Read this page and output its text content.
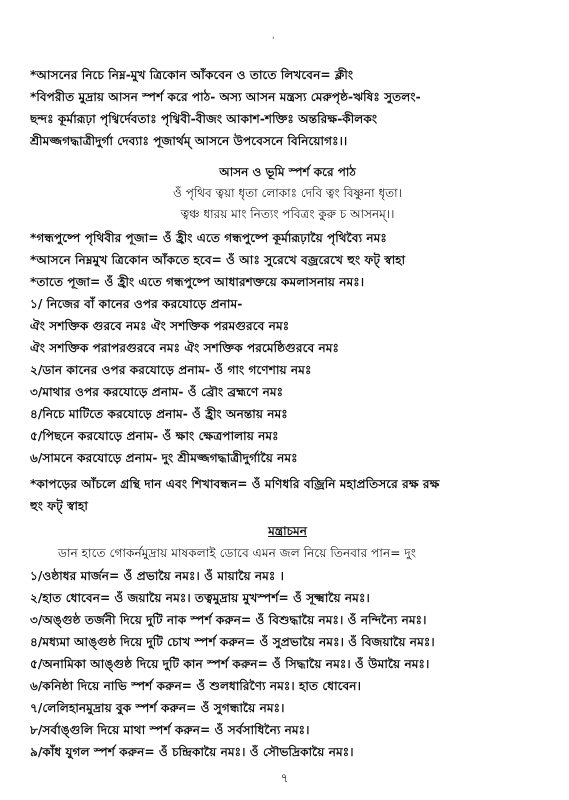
'
*আসনের নিচে নিম্ন-মুখ ত্রিকোন আঁকবেন ও তাতে লিখবেন= ক্লীং
*বিপরীত মুদ্রায় আসন স্পর্শ করে পাঠ- অস্য আসন মন্ত্রস্য মেরুপৃষ্ঠ-ঋষিঃ সুতলং-
ছন্দঃ কূর্মারূঢ়া পৃথ্বির্দেবতাঃ পৃথ্বিবী-বীজং আকাশ-শক্তিঃ অন্তরিক্ষ-কীলকং
শ্রীমজ্জগদ্ধাত্রীদুর্গা দেব্যাঃ পূজার্থম্ আসনে উপবেসনে বিনিয়োগঃ।।
আসন ও ভূমি স্পর্শ করে পাঠ
ওঁ পৃথিব ত্বয়া ধৃতা লোকাঃ দেবি ত্বং বিষ্ণুনা ধৃতা।
ত্বঞ্চ ধারয় মাং নিত্যং পবিত্রং কুরু চ আসনম্।।
*গন্ধপুষ্পে পৃথিবীর পূজা= ওঁ হ্রীং এতে গন্ধপুষ্পে কূর্মারূঢ়ায়ৈ পৃথিব্যৈ নমঃ
*আসনে নিম্নমুখ ত্রিকোন আঁকতে হবে= ওঁ আঃ সুরেখে বজ্ররেখে হুং ফট্ স্বাহা
*তাতে পূজা= ওঁ হ্রীং এতে গন্ধপুষ্পে আধারশক্তয়ে কমলাসনায় নমঃ।
১/ নিজের বাঁ কানের ওপর করযোড়ে প্রনাম-
ঐং সশক্তিক গুরবে নমঃ ঐং সশক্তিক পরমগুরবে নমঃ
ঐং সশক্তিক পরাপরগুরবে নমঃ ঐং সশক্তিক পরমেষ্ঠিগুরবে নমঃ
২/ডান কানের ওপর করযোড়ে প্রনাম- ওঁ গাং গণেশায় নমঃ
৩/মাথার ওপর করযোড়ে প্রনাম- ওঁ ব্রৌং ব্রহ্মণে নমঃ
৪/নিচে মাটিতে করযোড়ে প্রনাম- ওঁ হ্রীং অনন্তায় নমঃ
৫/পিছনে করযোড়ে প্রনাম- ওঁ ক্ষাং ক্ষেত্রপালায় নমঃ
৬/সামনে করযোড়ে প্রনাম- দুং শ্রীমজ্জগদ্ধাত্রীদুর্গায়ৈ নমঃ
*কাপড়ের আঁচলে গ্রন্থি দান এবং শিখাবন্ধন= ওঁ মণিধরি বজ্রিনি মহাপ্রতিসরে রক্ষ রক্ষ
হুং ফট্ স্বাহা
মন্ত্রাচমন
ডান হাতে গোকর্নমুদ্রায় মাষকলাই ডোবে এমন জল নিয়ে তিনবার পান= দুং
১/ওষ্ঠাধর মার্জন= ওঁ প্রভায়ৈ নমঃ। ওঁ মায়ায়ৈ নমঃ ।
২/হাত ধোবেন= ওঁ জয়ায়ৈ নমঃ। তত্বমুদ্রায় মুখস্পর্শ= ওঁ সূক্ষ্মায়ৈ নমঃ।
৩/অঙ্গুষ্ঠ তর্জনী দিয়ে দুটি নাক স্পর্শ করুন= ওঁ বিশুদ্ধায়ৈ নমঃ। ওঁ নন্দিন্যৈ নমঃ।
৪/মধ্যমা আঙ্গুষ্ঠ দিয়ে দুটি চোখ স্পর্শ করুন= ওঁ সুপ্রভায়ৈ নমঃ। ওঁ বিজয়ায়ৈ নমঃ।
৫/অনামিকা আঙ্গুষ্ঠ দিয়ে দুটি কান স্পর্শ করুন= ওঁ সিদ্ধায়ৈ নমঃ। ওঁ উমায়ৈ নমঃ।
৬/কনিষ্ঠা দিয়ে নাভি স্পর্শ করুন= ওঁ শুলধারিণ্যৈ নমঃ। হাত ধোবেন।
৭/লেলিহানমুদ্রায় বুক স্পর্শ করুন= ওঁ সুগন্ধায়ৈ নমঃ।
৮/সর্বাঙ্গুলি দিয়ে মাথা স্পর্শ করুন= ওঁ সর্বসাধিন্যৈ নমঃ।
৯/কাঁধ যুগল স্পর্শ করুন= ওঁ চন্দ্রিকায়ৈ নমঃ। ওঁ সৌভদ্রিকায়ৈ নমঃ।
৭
